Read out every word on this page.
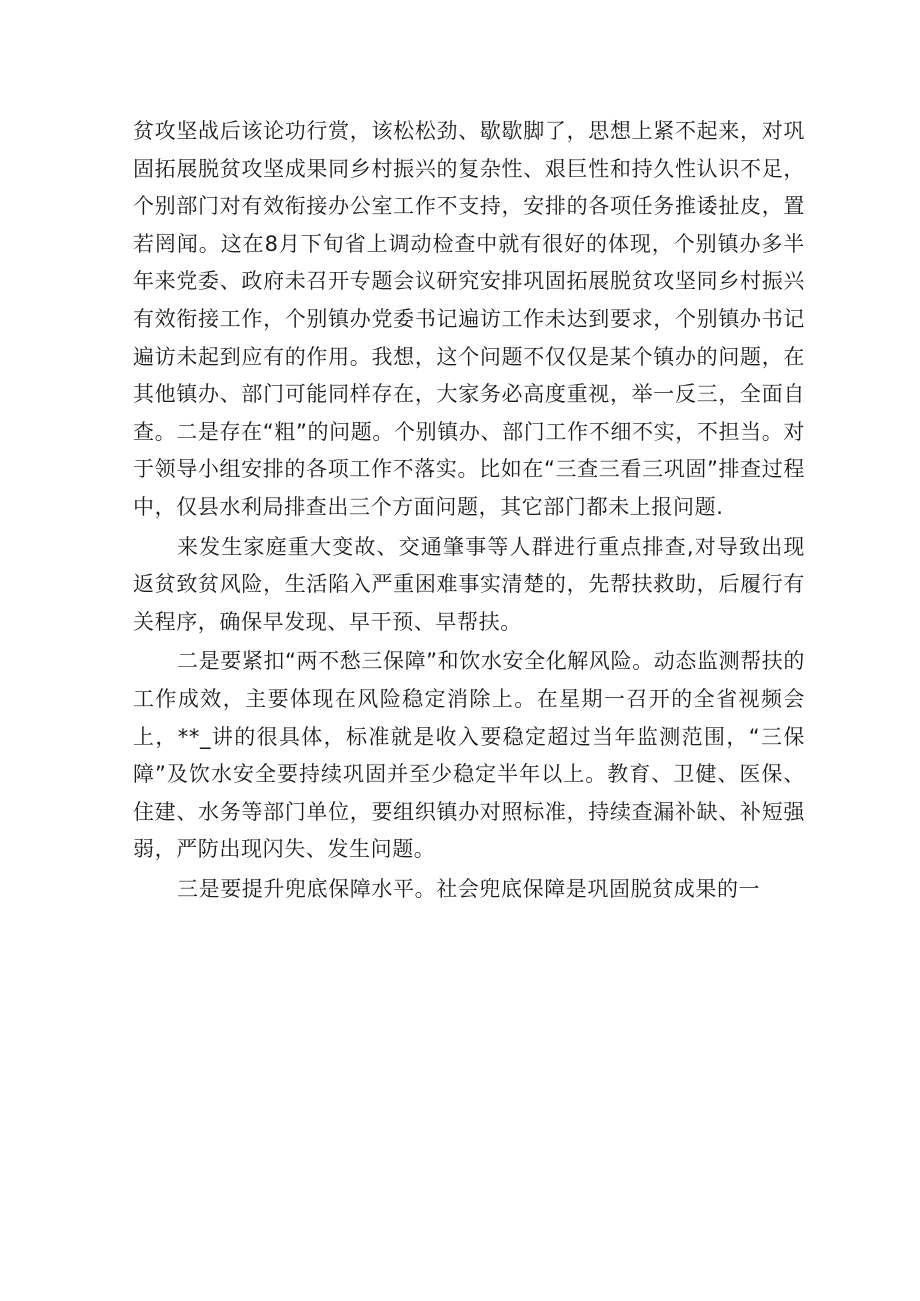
贫攻坚战后该论功行赏，该松松劲、歇歇脚了，思想上紧不起来，对巩固拓展脱贫攻坚成果同乡村振兴的复杂性、艰巨性和持久性认识不足，个别部门对有效衔接办公室工作不支持，安排的各项任务推诿扯皮，置若罔闻。这在8月下旬省上调动检查中就有很好的体现，个别镇办多半年来党委、政府未召开专题会议研究安排巩固拓展脱贫攻坚同乡村振兴有效衔接工作，个别镇办党委书记遍访工作未达到要求，个别镇办书记遍访未起到应有的作用。我想，这个问题不仅仅是某个镇办的问题，在其他镇办、部门可能同样存在，大家务必高度重视，举一反三，全面自查。二是存在“粗”的问题。个别镇办、部门工作不细不实，不担当。对于领导小组安排的各项工作不落实。比如在“三查三看三巩固”排查过程中，仅县水利局排查出三个方面问题，其它部门都未上报问题.

来发生家庭重大变故、交通肇事等人群进行重点排查,对导致出现返贫致贫风险，生活陷入严重困难事实清楚的，先帮扶救助，后履行有关程序，确保早发现、早干预、早帮扶。

二是要紧扣“两不愁三保障”和饮水安全化解风险。动态监测帮扶的工作成效，主要体现在风险稳定消除上。在星期一召开的全省视频会上，**_讲的很具体，标准就是收入要稳定超过当年监测范围，“三保障”及饮水安全要持续巩固并至少稳定半年以上。教育、卫健、医保、住建、水务等部门单位，要组织镇办对照标准，持续查漏补缺、补短强弱，严防出现闪失、发生问题。

三是要提升兜底保障水平。社会兜底保障是巩固脱贫成果的一
